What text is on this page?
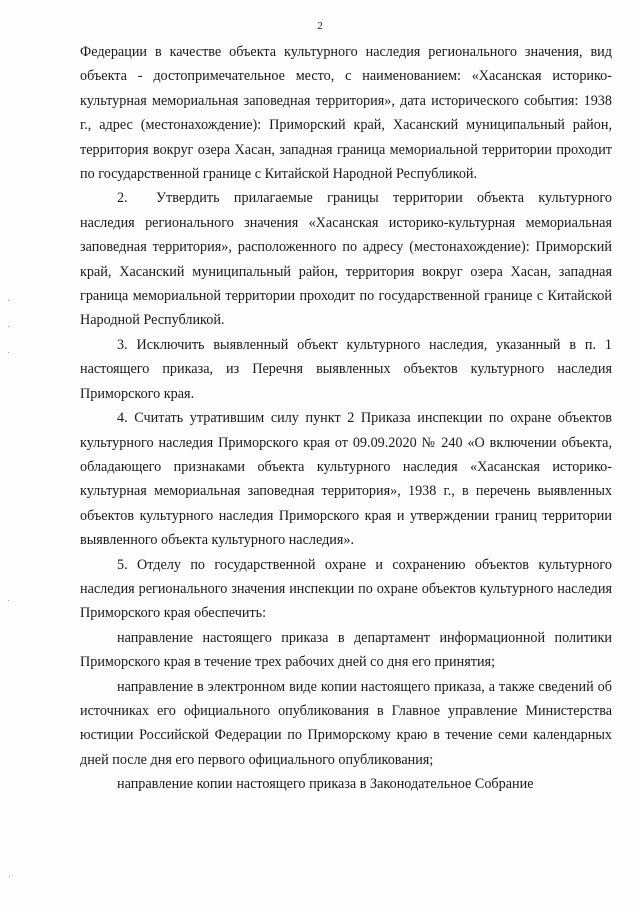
2

Федерации в качестве объекта культурного наследия регионального значения, вид объекта - достопримечательное место, с наименованием: «Хасанская историко-культурная мемориальная заповедная территория», дата исторического события: 1938 г., адрес (местонахождение): Приморский край, Хасанский муниципальный район, территория вокруг озера Хасан, западная граница мемориальной территории проходит по государственной границе с Китайской Народной Республикой.

2. Утвердить прилагаемые границы территории объекта культурного наследия регионального значения «Хасанская историко-культурная мемориальная заповедная территория», расположенного по адресу (местонахождение): Приморский край, Хасанский муниципальный район, территория вокруг озера Хасан, западная граница мемориальной территории проходит по государственной границе с Китайской Народной Республикой.

3. Исключить выявленный объект культурного наследия, указанный в п. 1 настоящего приказа, из Перечня выявленных объектов культурного наследия Приморского края.

4. Считать утратившим силу пункт 2 Приказа инспекции по охране объектов культурного наследия Приморского края от 09.09.2020 № 240 «О включении объекта, обладающего признаками объекта культурного наследия «Хасанская историко-культурная мемориальная заповедная территория», 1938 г., в перечень выявленных объектов культурного наследия Приморского края и утверждении границ территории выявленного объекта культурного наследия».

5. Отделу по государственной охране и сохранению объектов культурного наследия регионального значения инспекции по охране объектов культурного наследия Приморского края обеспечить:

направление настоящего приказа в департамент информационной политики Приморского края в течение трех рабочих дней со дня его принятия;

направление в электронном виде копии настоящего приказа, а также сведений об источниках его официального опубликования в Главное управление Министерства юстиции Российской Федерации по Приморскому краю в течение семи календарных дней после дня его первого официального опубликования;

направление копии настоящего приказа в Законодательное Собрание
